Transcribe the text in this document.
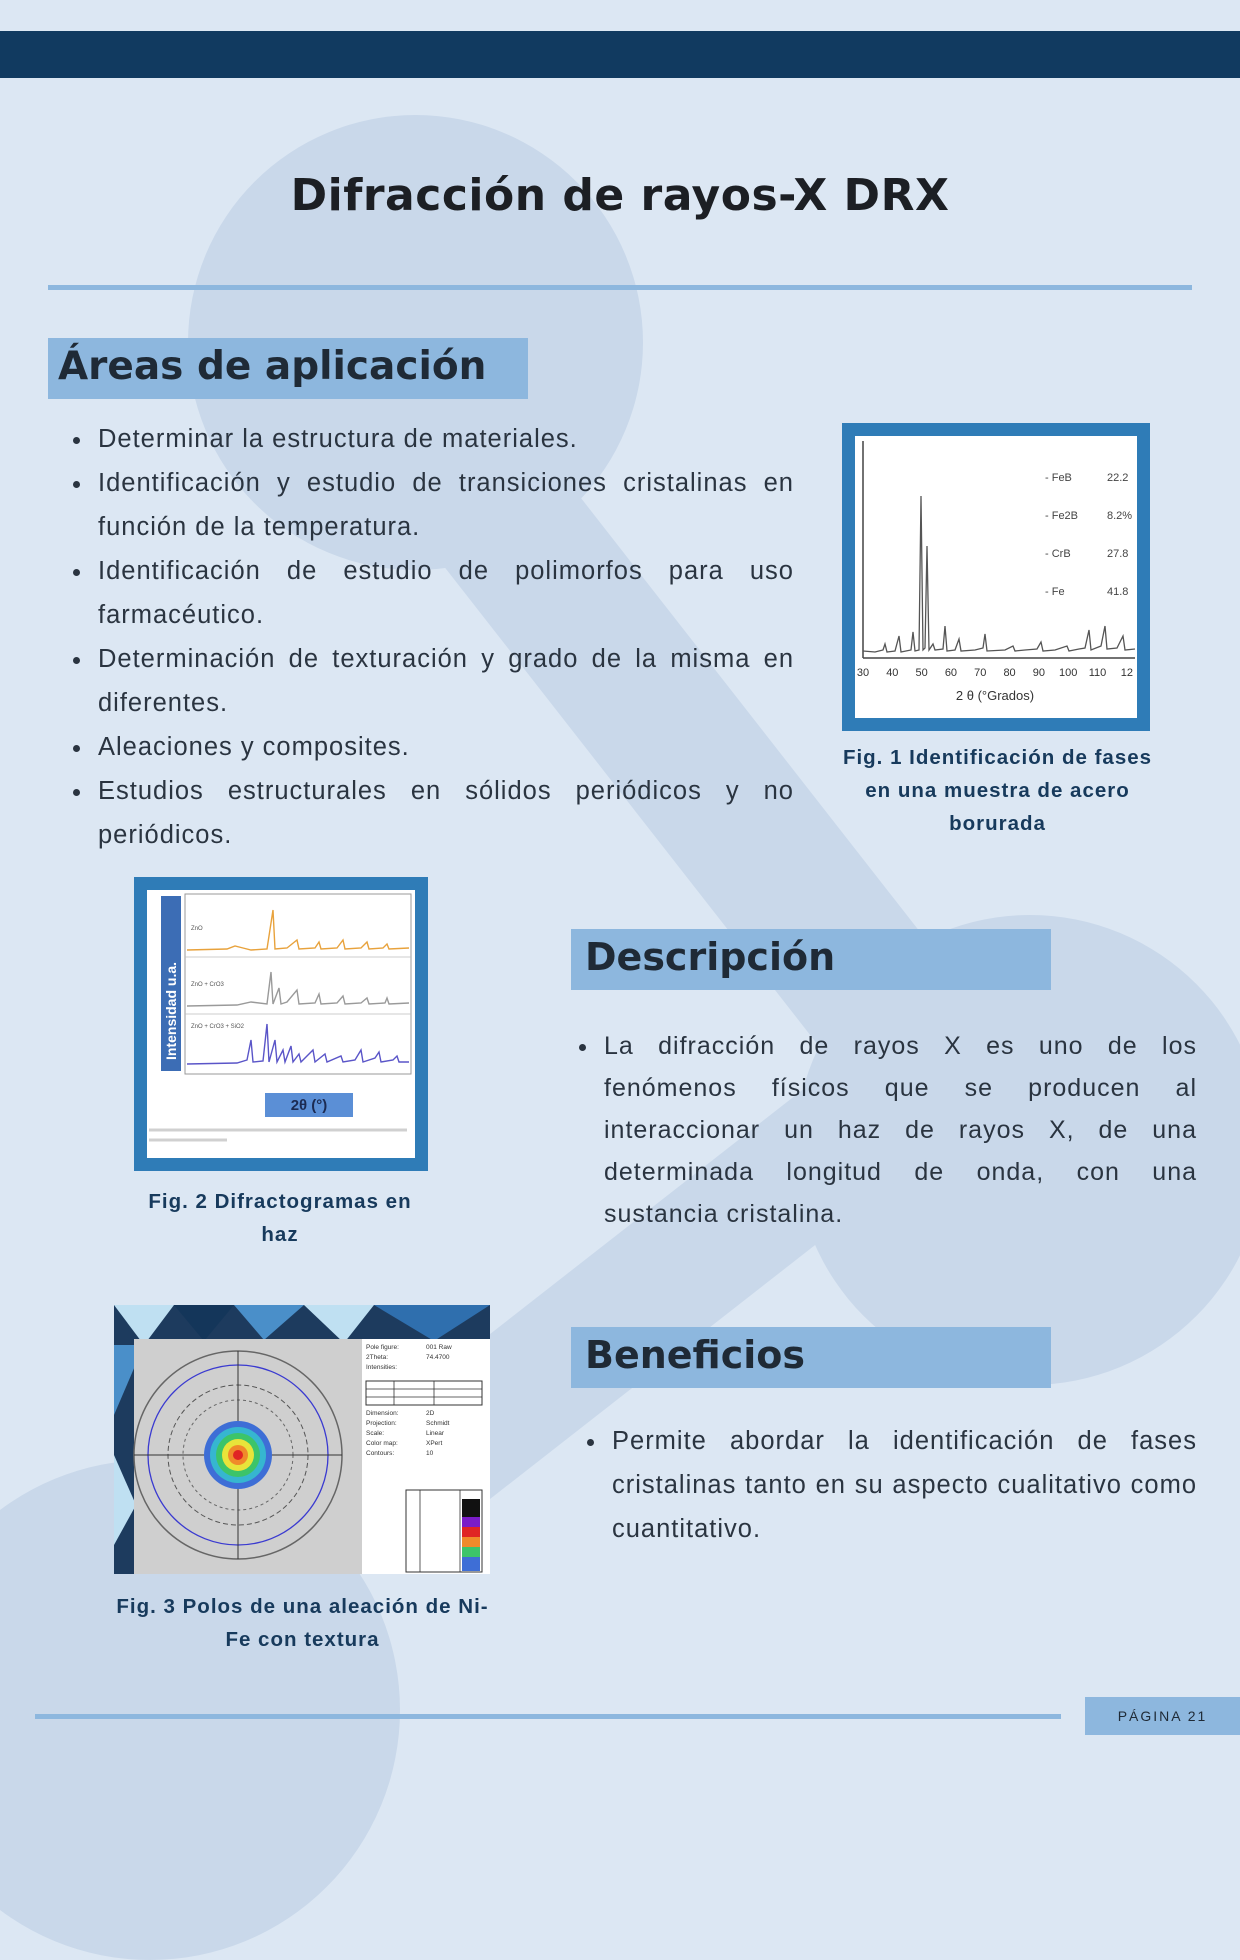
Difracción de rayos-X DRX
Áreas de aplicación
• Determinar la estructura de materiales.
• Identificación y estudio de transiciones cristalinas en función de la temperatura.
• Identificación de estudio de polimorfos para uso farmacéutico.
• Determinación de texturación y grado de la misma en diferentes.
• Aleaciones y composites.
• Estudios estructurales en sólidos periódicos y no periódicos.
- FeB	22.2
- Fe2B	8.2%
- CrB	27.8
- Fe	41.8
30 40 50 60 70 80 90 100 110 12
2 θ (°Grados)
Fig. 1 Identificación de fases en una muestra de acero borurada
Intensidad u.a.
ZnO
ZnO + CrO3
ZnO + CrO3 + SiO2
2θ (°)
Fig. 2 Difractogramas en haz
Descripción
• La difracción de rayos X es uno de los fenómenos físicos que se producen al interaccionar un haz de rayos X, de una determinada longitud de onda, con una sustancia cristalina.
Pole figure:	001 Raw
2Theta:	74.4700
Intensities:
Dimension:	2D
Projection:	Schmidt
Scale:	Linear
Color map:	XPert
Contours:	10
Fig. 3 Polos de una aleación de Ni-Fe con textura
Beneficios
• Permite abordar la identificación de fases cristalinas tanto en su aspecto cualitativo como cuantitativo.
PÁGINA 21
